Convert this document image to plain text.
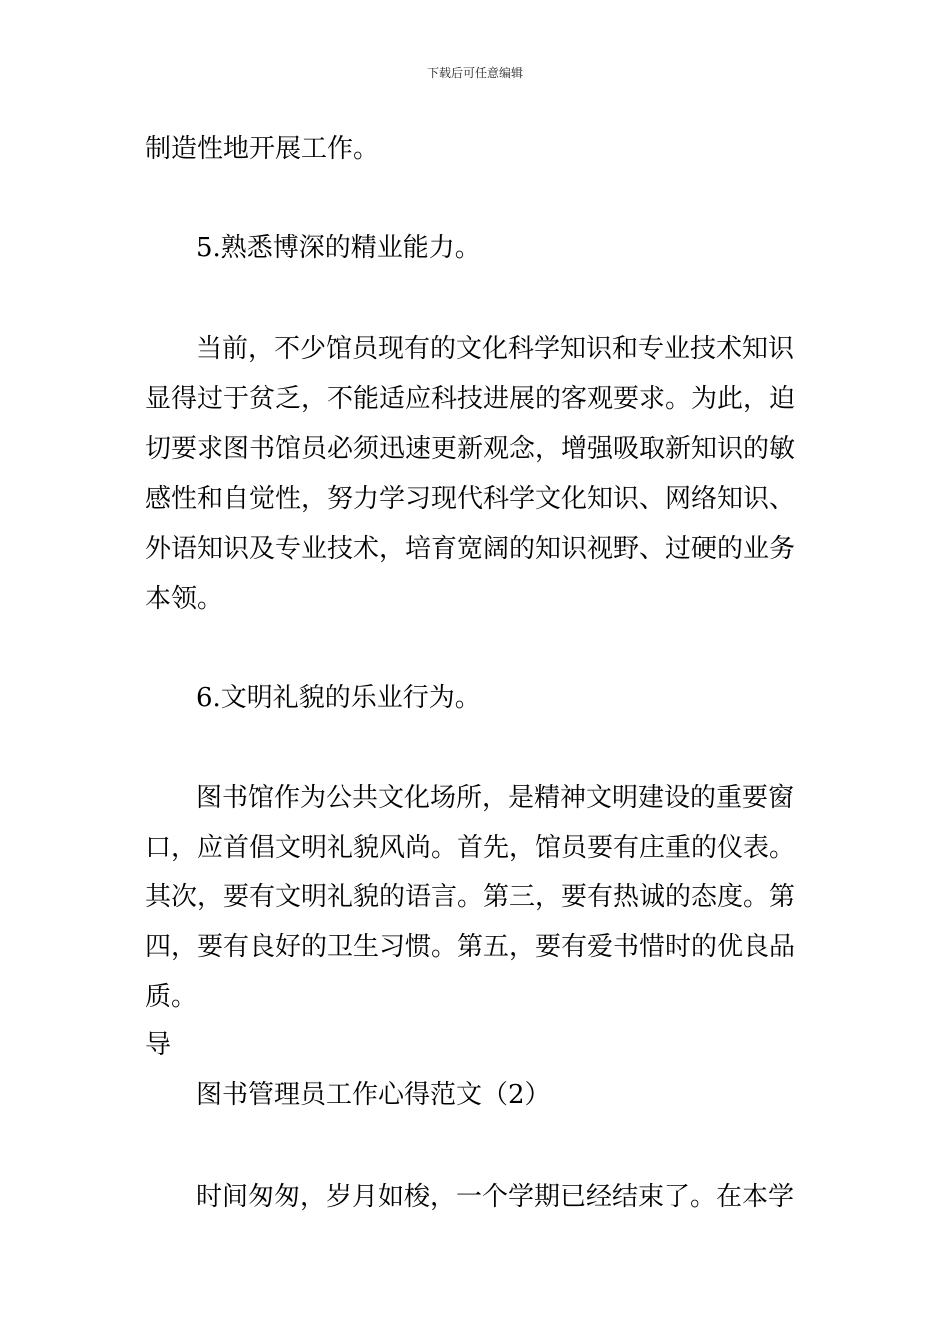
下载后可任意编辑
制造性地开展工作。
5.熟悉博深的精业能力。
当前，不少馆员现有的文化科学知识和专业技术知识
显得过于贫乏，不能适应科技进展的客观要求。为此，迫
切要求图书馆员必须迅速更新观念，增强吸取新知识的敏
感性和自觉性，努力学习现代科学文化知识、网络知识、
外语知识及专业技术，培育宽阔的知识视野、过硬的业务
本领。
6.文明礼貌的乐业行为。
图书馆作为公共文化场所，是精神文明建设的重要窗
口，应首倡文明礼貌风尚。首先，馆员要有庄重的仪表。
其次，要有文明礼貌的语言。第三，要有热诚的态度。第
四，要有良好的卫生习惯。第五，要有爱书惜时的优良品
质。
导
图书管理员工作心得范文（2）
时间匆匆，岁月如梭，一个学期已经结束了。在本学
